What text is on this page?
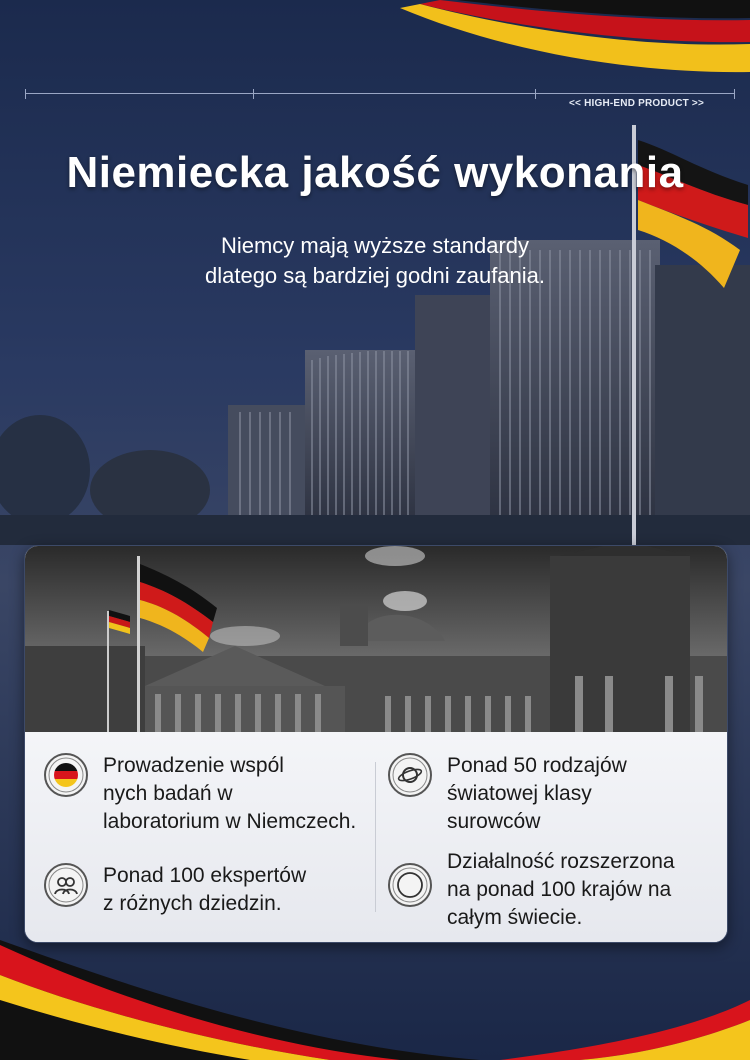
<< HIGH-END PRODUCT >>
Niemiecka jakość wykonania
Niemcy mają wyższe standardy
dlatego są bardziej godni zaufania.
Prowadzenie wspól
nych badań w
laboratorium w Niemczech.
Ponad 50 rodzajów
światowej klasy
surowców
Ponad 100 ekspertów
z różnych dziedzin.
Działalność rozszerzona
na ponad 100 krajów na
całym świecie.
